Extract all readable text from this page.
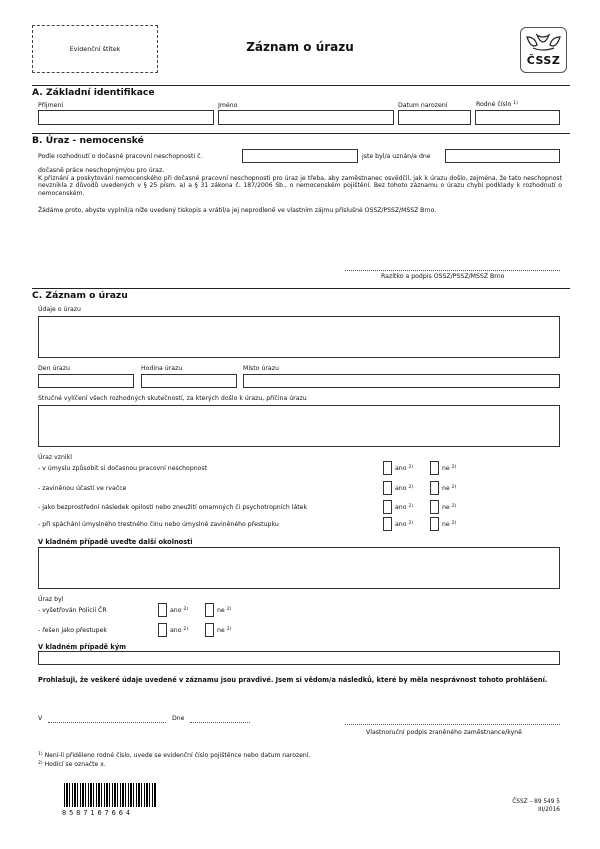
Evidenční štítek	Záznam o úrazu
ČSSZ
A. Základní identifikace
Příjmení	Jméno	Datum narození	Rodné číslo $^{1)}$
B. Úraz - nemocenské
Podle rozhodnutí o dočasné pracovní neschopnosti č.	jste byl/a uznán/a dne
dočasně práce neschopným/ou pro úraz.
K přiznání a poskytování nemocenského při dočasné pracovní neschopnosti pro úraz je třeba, aby zaměstnanec osvědčil, jak k úrazu došlo, zejména, že tato neschopnost nevznikla z důvodů uvedených v § 25 písm. a) a § 31 zákona č. 187/2006 Sb., o nemocenském pojištění. Bez tohoto záznamu o úrazu chybí podklady k rozhodnutí o nemocenském.
Žádáme proto, abyste vyplnil/a níže uvedený tiskopis a vrátil/a jej neprodleně ve vlastním zájmu příslušné OSSZ/PSSZ/MSSZ Brno.
Razítko a podpis OSSZ/PSSZ/MSSZ Brno
C. Záznam o úrazu
Údaje o úrazu
Den úrazu	Hodina úrazu	Místo úrazu
Stručné vylíčení všech rozhodných skutečností, za kterých došlo k úrazu, příčina úrazu
Úraz vznikl
- v úmyslu způsobit si dočasnou pracovní neschopnost	ano $^{2)}$	ne $^{2)}$
- zaviněnou účastí ve rvačce	ano $^{2)}$	ne $^{2)}$
- jako bezprostřední následek opilosti nebo zneužití omamných či psychotropních látek	ano $^{2)}$	ne $^{2)}$
- při spáchání úmyslného trestného činu nebo úmyslně zaviněného přestupku	ano $^{2)}$	ne $^{2)}$
V kladném případě uveďte další okolnosti
Úraz byl
- vyšetřován Policií ČR	ano $^{2)}$	ne $^{2)}$
- řešen jako přestupek	ano $^{2)}$	ne $^{2)}$
V kladném případě kým
Prohlašuji, že veškeré údaje uvedené v záznamu jsou pravdivé. Jsem si vědom/a následků, které by měla nesprávnost tohoto prohlášení.
V	Dne
Vlastnoruční podpis zraněného zaměstnance/kyně
$^{1)}$ Není-li přiděleno rodné číslo, uvede se evidenční číslo pojištěnce nebo datum narození.
$^{2)}$ Hodící se označte x.
8 5 8 7 1 6 7 6 6 4
ČSSZ – 89 549 5
III/2016
